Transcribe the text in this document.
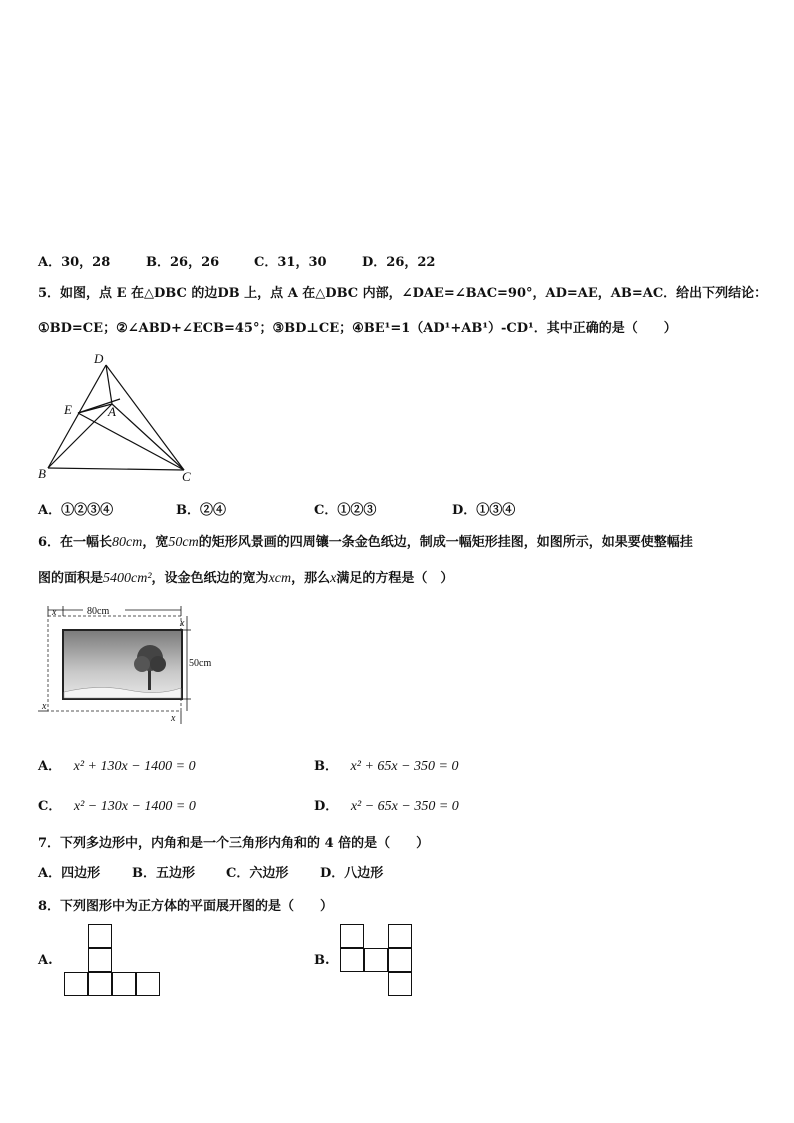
A．30，28	B．26，26	C．31，30	D．26，22
5．如图，点 E 在△DBC 的边DB 上，点 A 在△DBC 内部，∠DAE=∠BAC=90°，AD=AE，AB=AC．给出下列结论：
①BD=CE；②∠ABD+∠ECB=45°；③BD⊥CE；④BE¹=1（AD¹+AB¹）-CD¹．其中正确的是（　　）
D
E	A
B	C
A．①②③④	B．②④	C．①②③	D．①③④
6．在一幅长80cm，宽50cm的矩形风景画的四周镶一条金色纸边，制成一幅矩形挂图，如图所示，如果要使整幅挂
图的面积是5400cm²，设金色纸边的宽为xcm，那么x满足的方程是（　）
80cm
x
50cm
x
x
x
A． x² + 130x − 1400 = 0	B． x² + 65x − 350 = 0
C． x² − 130x − 1400 = 0	D． x² − 65x − 350 = 0
7．下列多边形中，内角和是一个三角形内角和的 4 倍的是（　　）
A．四边形 B．五边形 C．六边形 D．八边形
8．下列图形中为正方体的平面展开图的是（　　）
A.	B.
